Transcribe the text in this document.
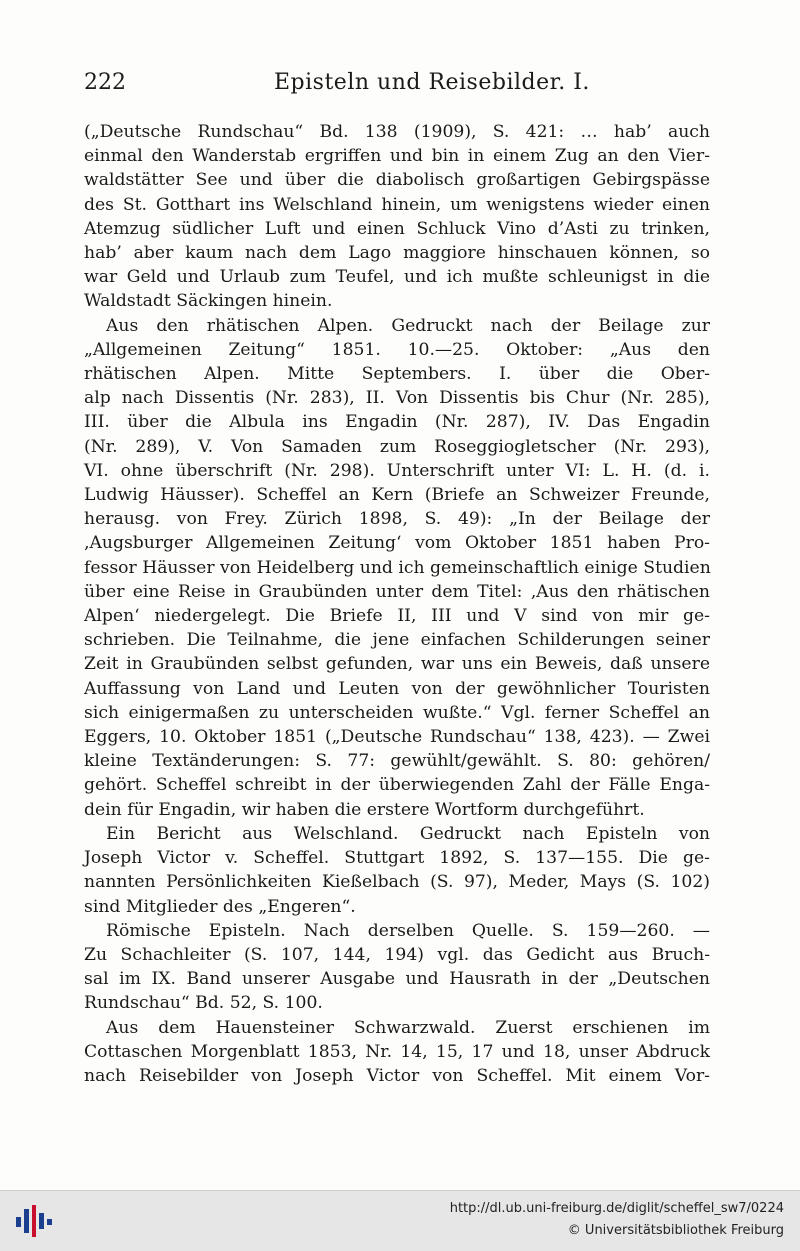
222	Episteln und Reisebilder. I.
(„Deutsche Rundschau“ Bd. 138 (1909), S. 421: … hab’ auch
einmal den Wanderstab ergriffen und bin in einem Zug an den Vier-
waldstätter See und über die diabolisch großartigen Gebirgspässe
des St. Gotthart ins Welschland hinein, um wenigstens wieder einen
Atemzug südlicher Luft und einen Schluck Vino d’Asti zu trinken,
hab’ aber kaum nach dem Lago maggiore hinschauen können, so
war Geld und Urlaub zum Teufel, und ich mußte schleunigst in die
Waldstadt Säckingen hinein.
Aus den rhätischen Alpen. Gedruckt nach der Beilage zur
„Allgemeinen Zeitung“ 1851. 10.—25. Oktober: „Aus den
rhätischen Alpen. Mitte Septembers. I. über die Ober-
alp nach Dissentis (Nr. 283), II. Von Dissentis bis Chur (Nr. 285),
III. über die Albula ins Engadin (Nr. 287), IV. Das Engadin
(Nr. 289), V. Von Samaden zum Roseggiogletscher (Nr. 293),
VI. ohne überschrift (Nr. 298). Unterschrift unter VI: L. H. (d. i.
Ludwig Häusser). Scheffel an Kern (Briefe an Schweizer Freunde,
herausg. von Frey. Zürich 1898, S. 49): „In der Beilage der
‚Augsburger Allgemeinen Zeitung‘ vom Oktober 1851 haben Pro-
fessor Häusser von Heidelberg und ich gemeinschaftlich einige Studien
über eine Reise in Graubünden unter dem Titel: ‚Aus den rhätischen
Alpen‘ niedergelegt. Die Briefe II, III und V sind von mir ge-
schrieben. Die Teilnahme, die jene einfachen Schilderungen seiner
Zeit in Graubünden selbst gefunden, war uns ein Beweis, daß unsere
Auffassung von Land und Leuten von der gewöhnlicher Touristen
sich einigermaßen zu unterscheiden wußte.“ Vgl. ferner Scheffel an
Eggers, 10. Oktober 1851 („Deutsche Rundschau“ 138, 423). — Zwei
kleine Textänderungen: S. 77: gewühlt/gewählt. S. 80: gehören/
gehört. Scheffel schreibt in der überwiegenden Zahl der Fälle Enga-
dein für Engadin, wir haben die erstere Wortform durchgeführt.
Ein Bericht aus Welschland. Gedruckt nach Episteln von
Joseph Victor v. Scheffel. Stuttgart 1892, S. 137—155. Die ge-
nannten Persönlichkeiten Kießelbach (S. 97), Meder, Mays (S. 102)
sind Mitglieder des „Engeren“.
Römische Episteln. Nach derselben Quelle. S. 159—260. —
Zu Schachleiter (S. 107, 144, 194) vgl. das Gedicht aus Bruch-
sal im IX. Band unserer Ausgabe und Hausrath in der „Deutschen
Rundschau“ Bd. 52, S. 100.
Aus dem Hauensteiner Schwarzwald. Zuerst erschienen im
Cottaschen Morgenblatt 1853, Nr. 14, 15, 17 und 18, unser Abdruck
nach Reisebilder von Joseph Victor von Scheffel. Mit einem Vor-
http://dl.ub.uni-freiburg.de/diglit/scheffel_sw7/0224
© Universitätsbibliothek Freiburg
